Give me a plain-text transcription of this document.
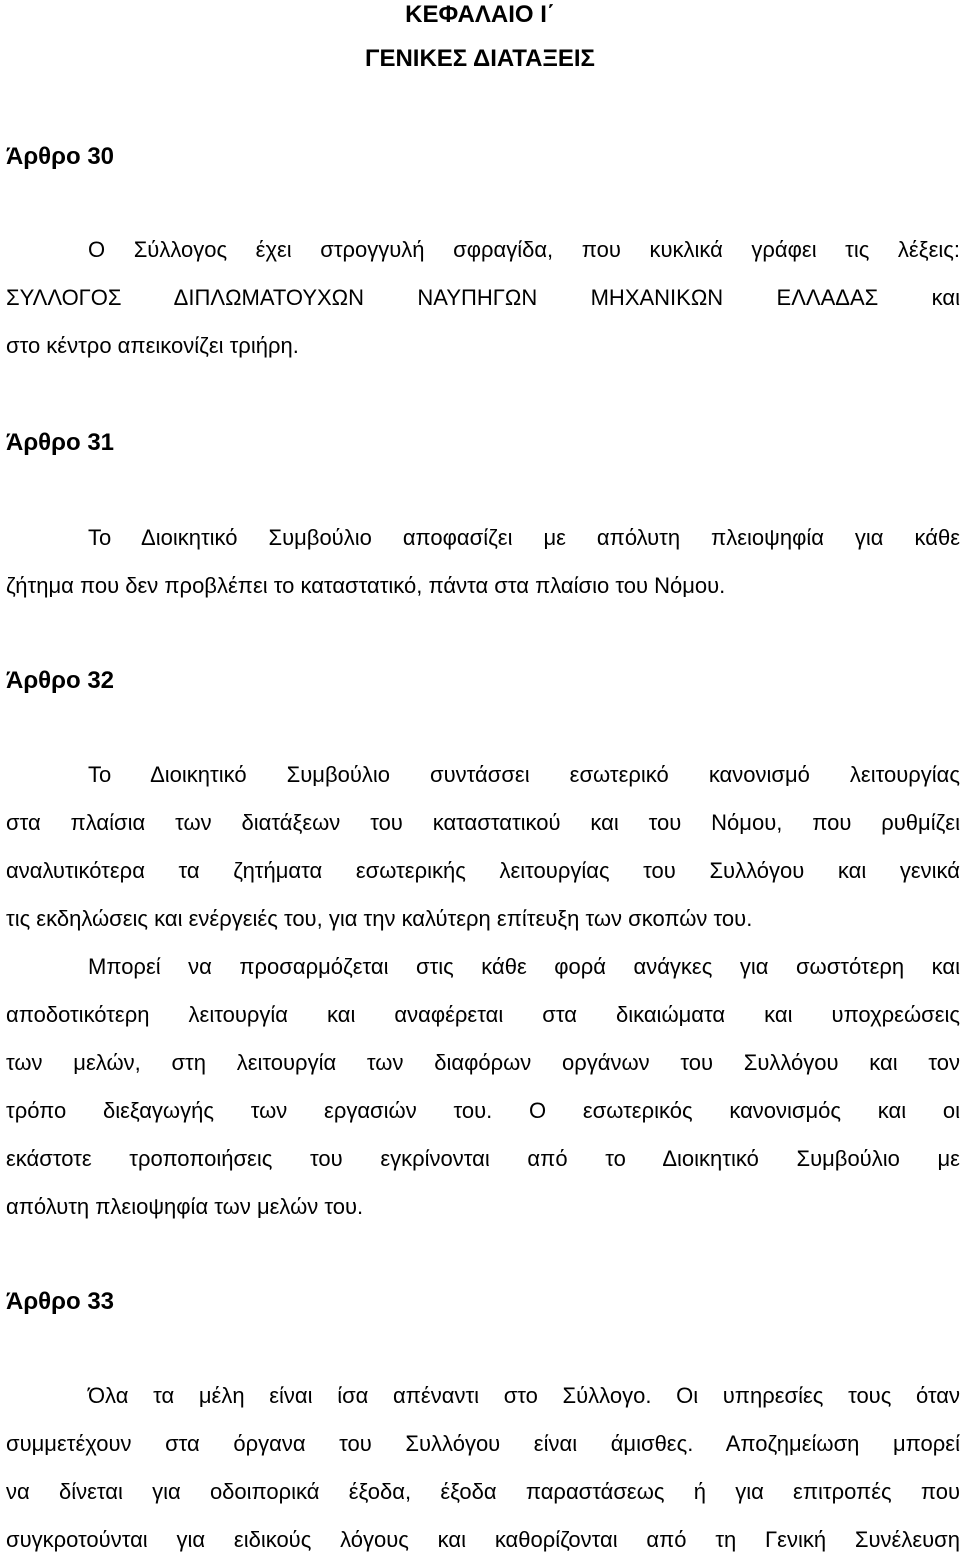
ΚΕΦΑΛΑΙΟ Ι΄
ΓΕΝΙΚΕΣ ΔΙΑΤΑΞΕΙΣ
Άρθρο 30
Ο Σύλλογος έχει στρογγυλή σφραγίδα, που κυκλικά γράφει τις λέξεις:
ΣΥΛΛΟΓΟΣ ΔΙΠΛΩΜΑΤΟΥΧΩΝ ΝΑΥΠΗΓΩΝ ΜΗΧΑΝΙΚΩΝ ΕΛΛΑΔΑΣ και
στο κέντρο απεικονίζει τριήρη.
Άρθρο 31
Το Διοικητικό Συμβούλιο αποφασίζει με απόλυτη πλειοψηφία για κάθε
ζήτημα που δεν προβλέπει το καταστατικό, πάντα στα πλαίσιο του Νόμου.
Άρθρο 32
Το Διοικητικό Συμβούλιο συντάσσει εσωτερικό κανονισμό λειτουργίας
στα πλαίσια των διατάξεων του καταστατικού και του Νόμου, που ρυθμίζει
αναλυτικότερα τα ζητήματα εσωτερικής λειτουργίας του Συλλόγου και γενικά
τις εκδηλώσεις και ενέργειές του, για την καλύτερη επίτευξη των σκοπών του.
Μπορεί να προσαρμόζεται στις κάθε φορά ανάγκες για σωστότερη και
αποδοτικότερη λειτουργία και αναφέρεται στα δικαιώματα και υποχρεώσεις
των μελών, στη λειτουργία των διαφόρων οργάνων του Συλλόγου και τον
τρόπο διεξαγωγής των εργασιών του. Ο εσωτερικός κανονισμός και οι
εκάστοτε τροποποιήσεις του εγκρίνονται από το Διοικητικό Συμβούλιο με
απόλυτη πλειοψηφία των μελών του.
Άρθρο 33
Όλα τα μέλη είναι ίσα απέναντι στο Σύλλογο. Οι υπηρεσίες τους όταν
συμμετέχουν στα όργανα του Συλλόγου είναι άμισθες. Αποζημείωση μπορεί
να δίνεται για οδοιπορικά έξοδα, έξοδα παραστάσεως ή για επιτροπές που
συγκροτούνται για ειδικούς λόγους και καθορίζονται από τη Γενική Συνέλευση
